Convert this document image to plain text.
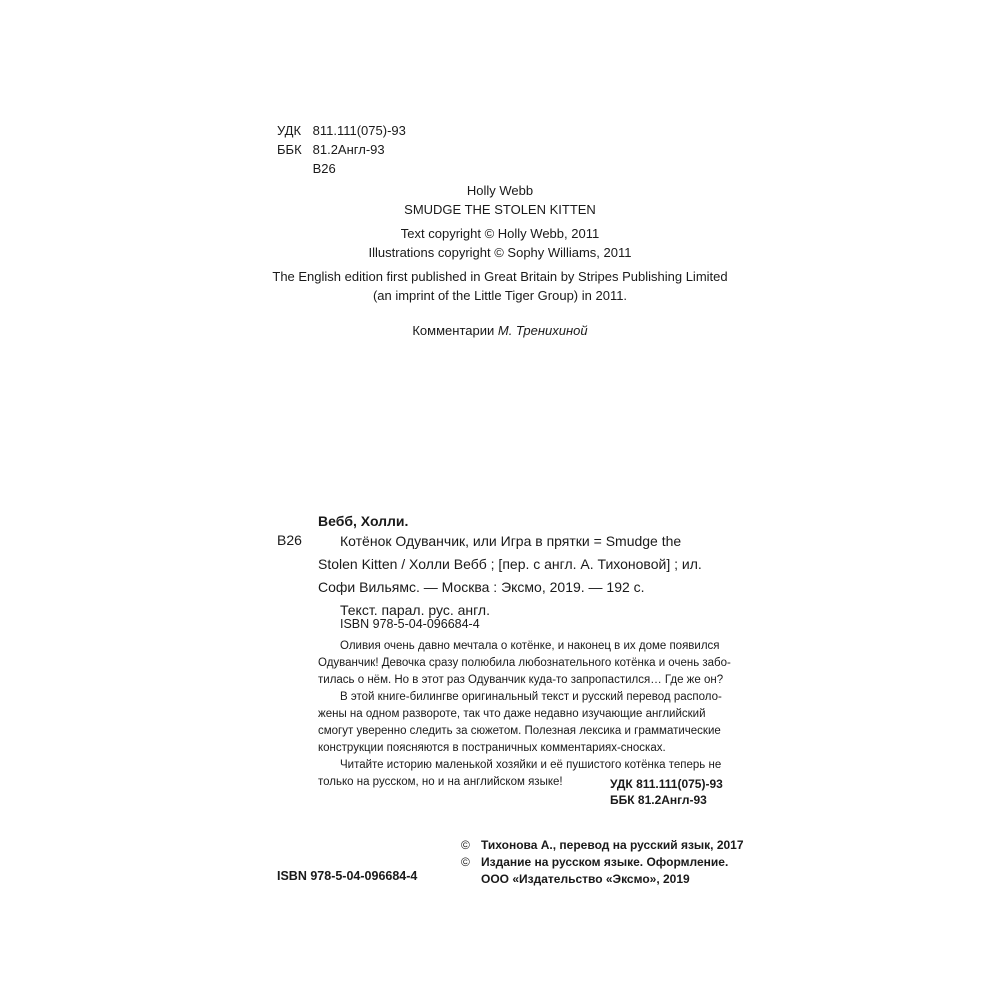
УДК 811.111(075)-93
ББК 81.2Англ-93
В26
Holly Webb
SMUDGE THE STOLEN KITTEN
Text copyright © Holly Webb, 2011
Illustrations copyright © Sophy Williams, 2011
The English edition first published in Great Britain by Stripes Publishing Limited
(an imprint of the Little Tiger Group) in 2011.
Комментарии М. Тренихиной
Вебб, Холли.
В26	Котёнок Одуванчик, или Игра в прятки = Smudge the
Stolen Kitten / Холли Вебб ; [пер. с англ. А. Тихоновой] ; ил.
Софи Вильямс. — Москва : Эксмо, 2019. — 192 с.
Текст. парал. рус. англ.
ISBN 978-5-04-096684-4
Оливия очень давно мечтала о котёнке, и наконец в их доме появился
Одуванчик! Девочка сразу полюбила любознательного котёнка и очень забо-
тилась о нём. Но в этот раз Одуванчик куда-то запропастился… Где же он?
В этой книге-билингве оригинальный текст и русский перевод располо-
жены на одном развороте, так что даже недавно изучающие английский
смогут уверенно следить за сюжетом. Полезная лексика и грамматические
конструкции поясняются в постраничных комментариях-сносках.
Читайте историю маленькой хозяйки и её пушистого котёнка теперь не
только на русском, но и на английском языке!	УДК 811.111(075)-93
ББК 81.2Англ-93
© Тихонова А., перевод на русский язык, 2017
© Издание на русском языке. Оформление.
ООО «Издательство «Эксмо», 2019
ISBN 978-5-04-096684-4
